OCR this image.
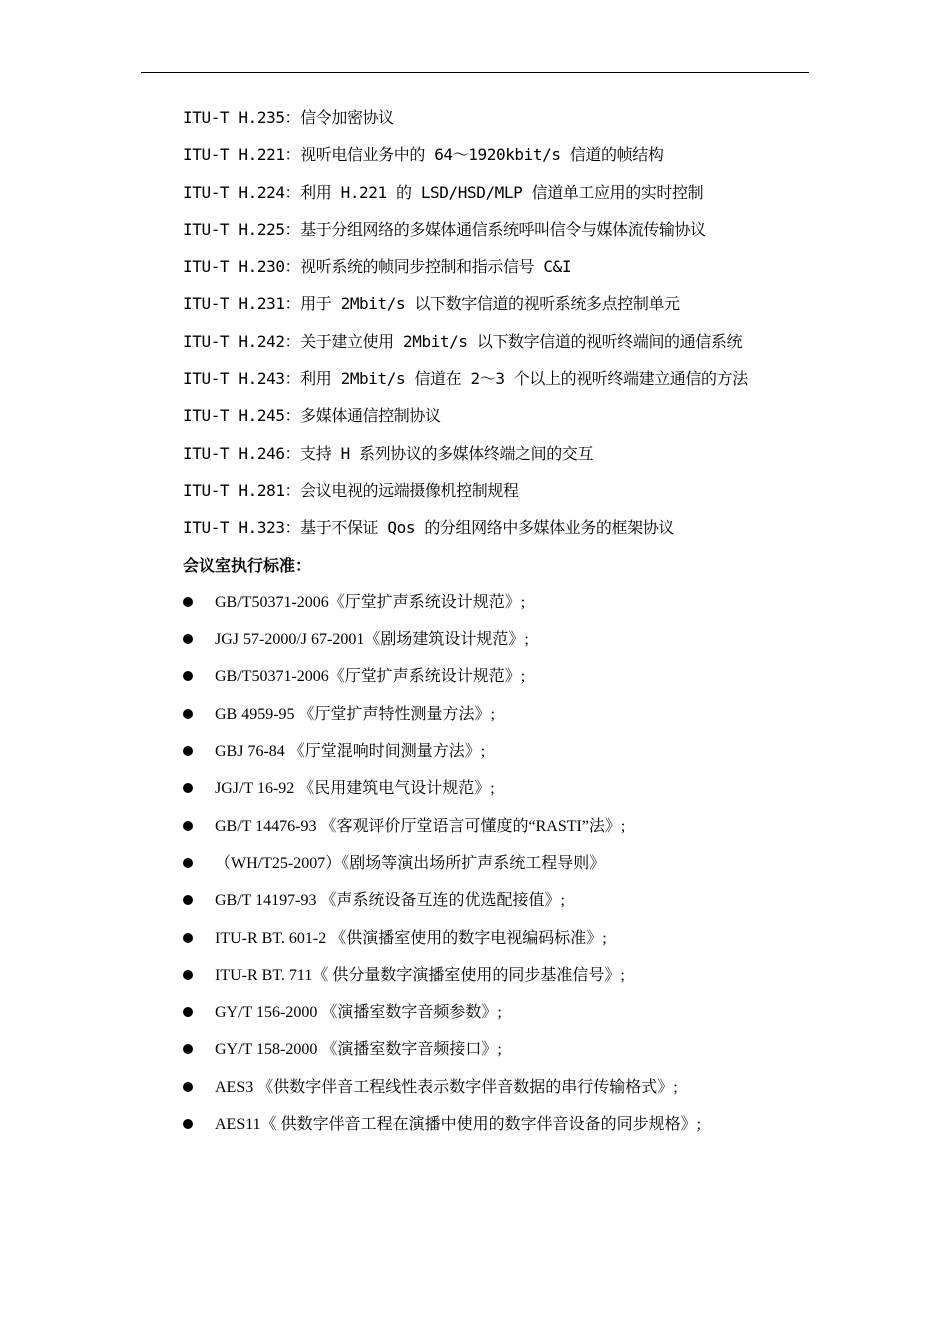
ITU-T H.235：信令加密协议
ITU-T H.221：视听电信业务中的 64～1920kbit/s 信道的帧结构
ITU-T H.224：利用 H.221 的 LSD/HSD/MLP 信道单工应用的实时控制
ITU-T H.225：基于分组网络的多媒体通信系统呼叫信令与媒体流传输协议
ITU-T H.230：视听系统的帧同步控制和指示信号 C&I
ITU-T H.231：用于 2Mbit/s 以下数字信道的视听系统多点控制单元
ITU-T H.242：关于建立使用 2Mbit/s 以下数字信道的视听终端间的通信系统
ITU-T H.243：利用 2Mbit/s 信道在 2～3 个以上的视听终端建立通信的方法
ITU-T H.245：多媒体通信控制协议
ITU-T H.246：支持 H 系列协议的多媒体终端之间的交互
ITU-T H.281：会议电视的远端摄像机控制规程
ITU-T H.323：基于不保证 Qos 的分组网络中多媒体业务的框架协议
会议室执行标准：
GB/T50371-2006《厅堂扩声系统设计规范》;
JGJ 57-2000/J 67-2001《剧场建筑设计规范》;
GB/T50371-2006《厅堂扩声系统设计规范》;
GB 4959-95 《厅堂扩声特性测量方法》;
GBJ 76-84 《厅堂混响时间测量方法》;
JGJ/T 16-92 《民用建筑电气设计规范》;
GB/T 14476-93 《客观评价厅堂语言可懂度的“RASTI”法》;
（WH/T25-2007）《剧场等演出场所扩声系统工程导则》
GB/T 14197-93 《声系统设备互连的优选配接值》;
ITU-R BT. 601-2 《供演播室使用的数字电视编码标准》;
ITU-R BT. 711《 供分量数字演播室使用的同步基准信号》;
GY/T 156-2000 《演播室数字音频参数》;
GY/T 158-2000 《演播室数字音频接口》;
AES3 《供数字伴音工程线性表示数字伴音数据的串行传输格式》;
AES11《 供数字伴音工程在演播中使用的数字伴音设备的同步规格》;
